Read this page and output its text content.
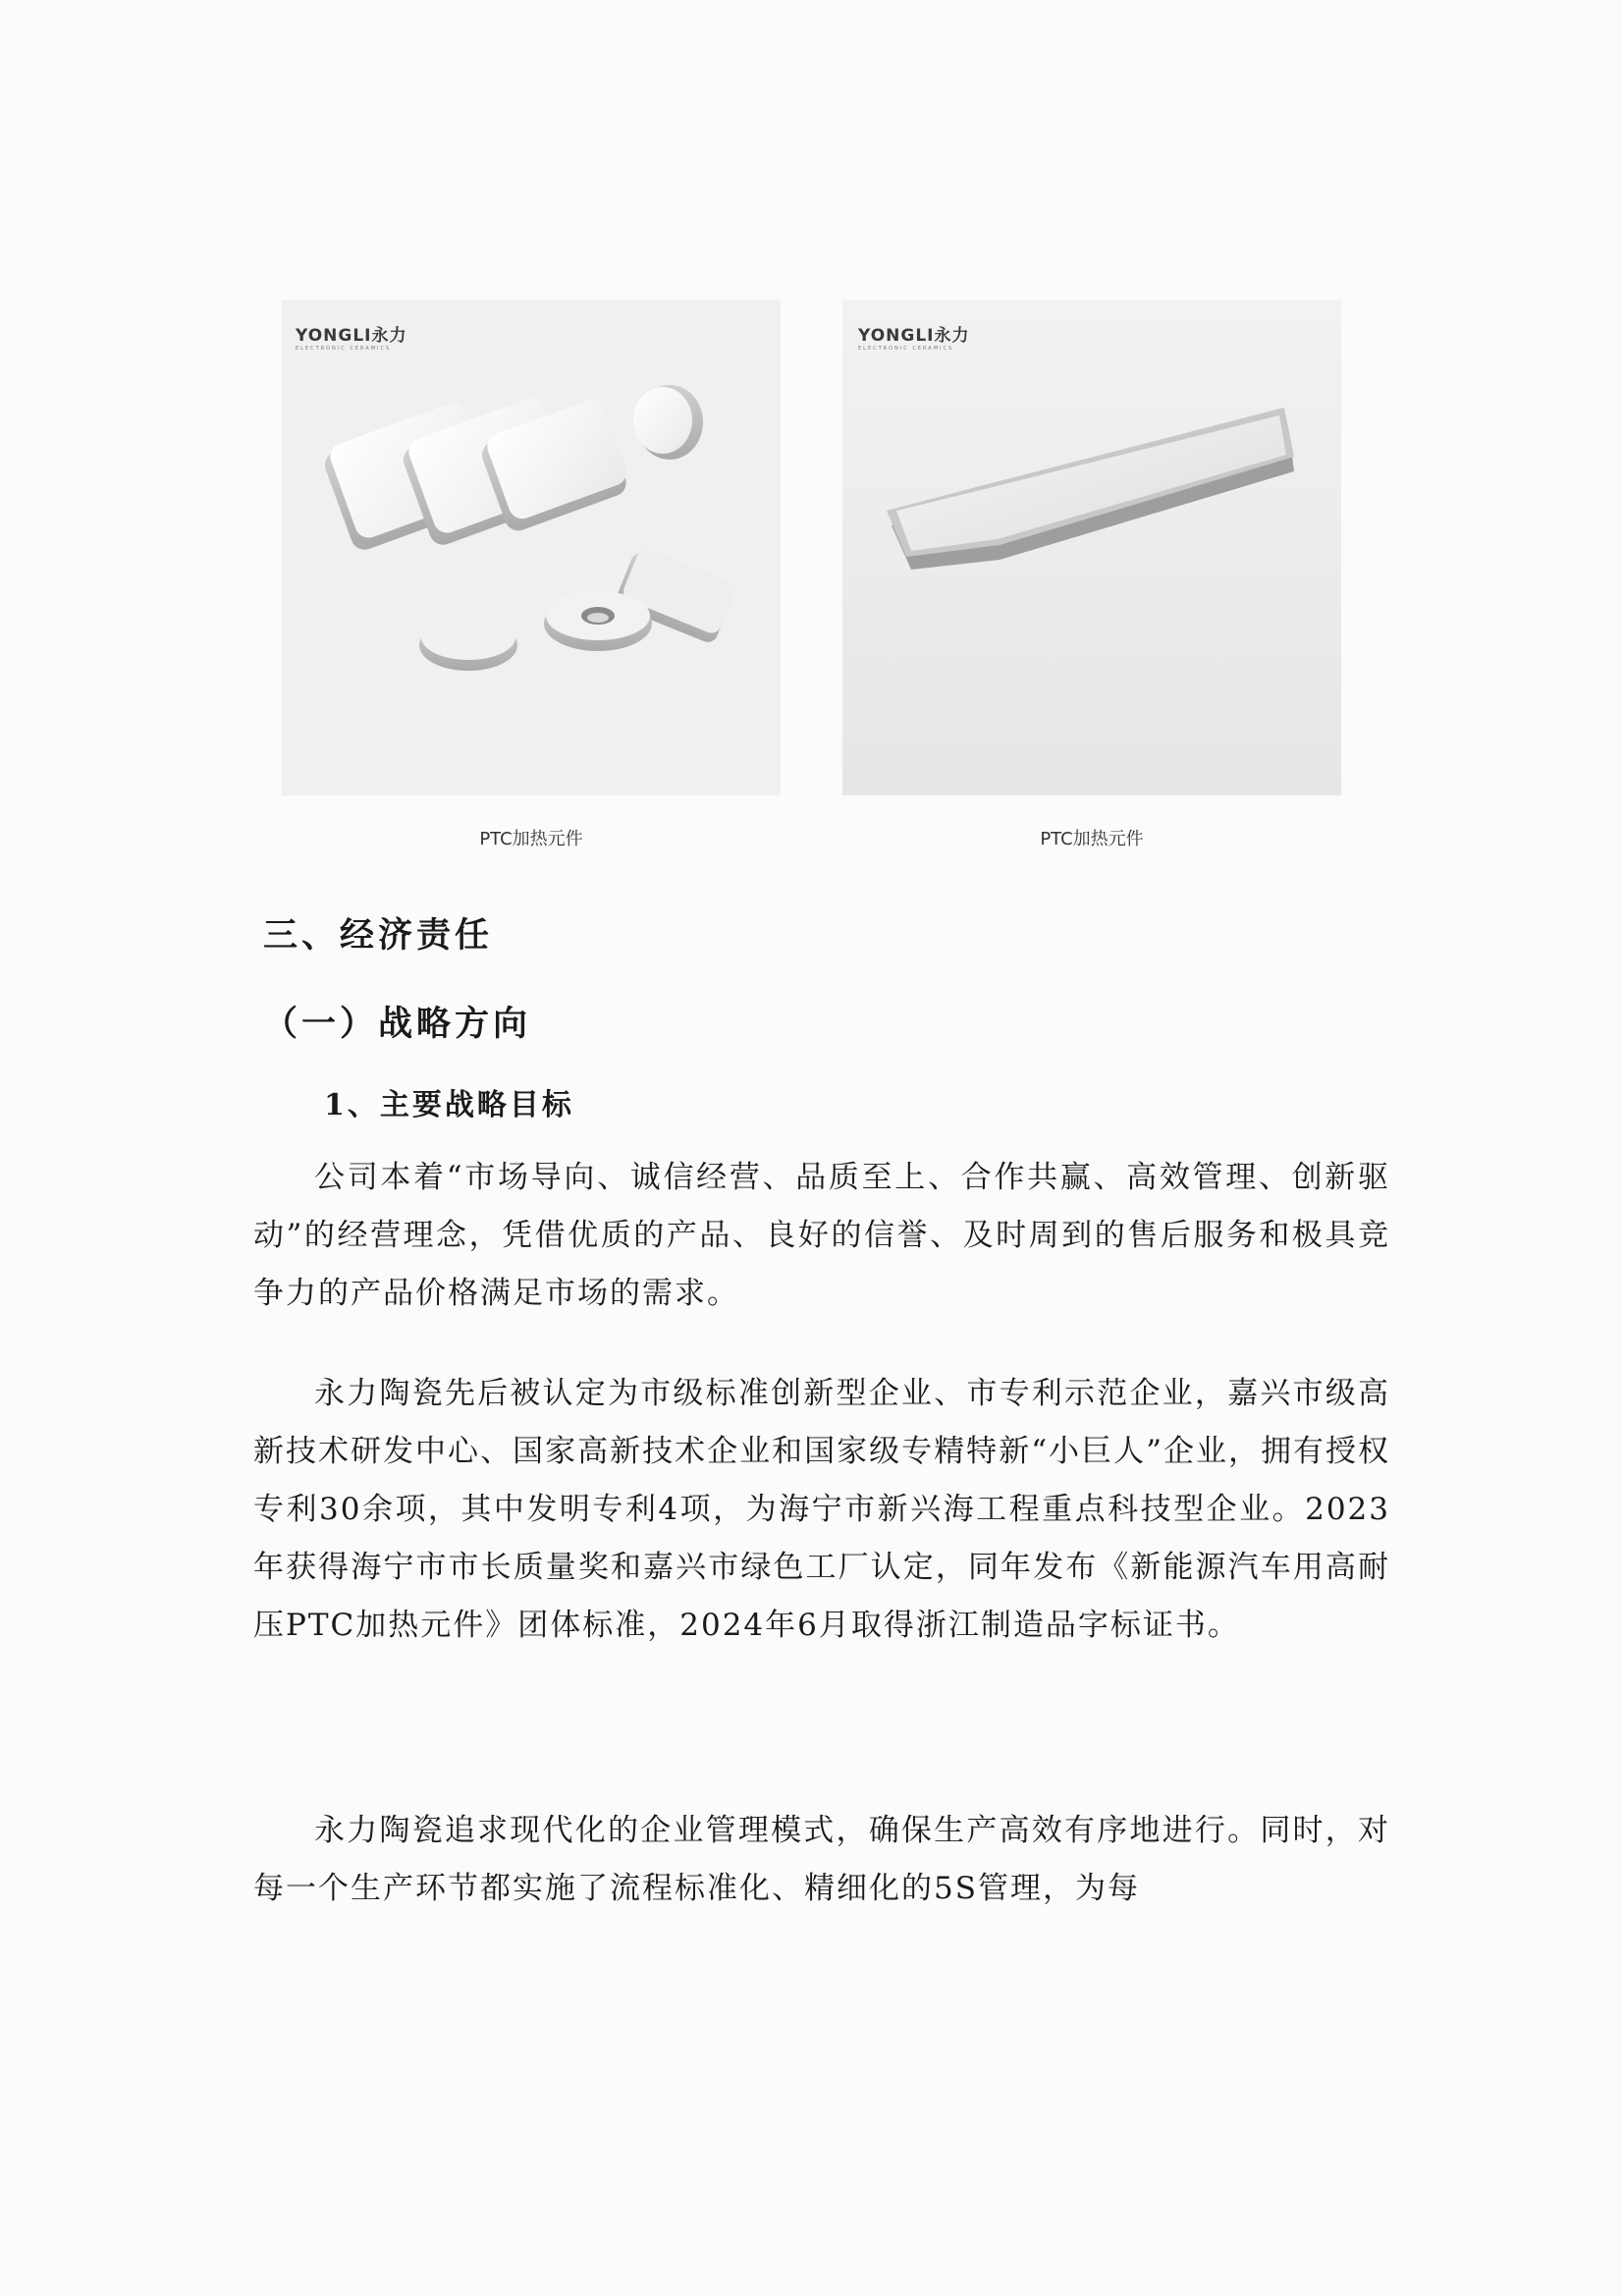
YONGLI永力
ELECTRONIC CERAMICS
YONGLI永力
ELECTRONIC CERAMICS
PTC加热元件	PTC加热元件
三、经济责任
（一）战略方向
1、主要战略目标

公司本着“市场导向、诚信经营、品质至上、合作共赢、高效管理、创新驱动”的经营理念，凭借优质的产品、良好的信誉、及时周到的售后服务和极具竞争力的产品价格满足市场的需求。

永力陶瓷先后被认定为市级标准创新型企业、市专利示范企业，嘉兴市级高新技术研发中心、国家高新技术企业和国家级专精特新“小巨人”企业，拥有授权专利30余项，其中发明专利4项，为海宁市新兴海工程重点科技型企业。2023年获得海宁市市长质量奖和嘉兴市绿色工厂认定，同年发布《新能源汽车用高耐压PTC加热元件》团体标准，2024年6月取得浙江制造品字标证书。

永力陶瓷追求现代化的企业管理模式，确保生产高效有序地进行。同时，对每一个生产环节都实施了流程标准化、精细化的5S管理，为每
